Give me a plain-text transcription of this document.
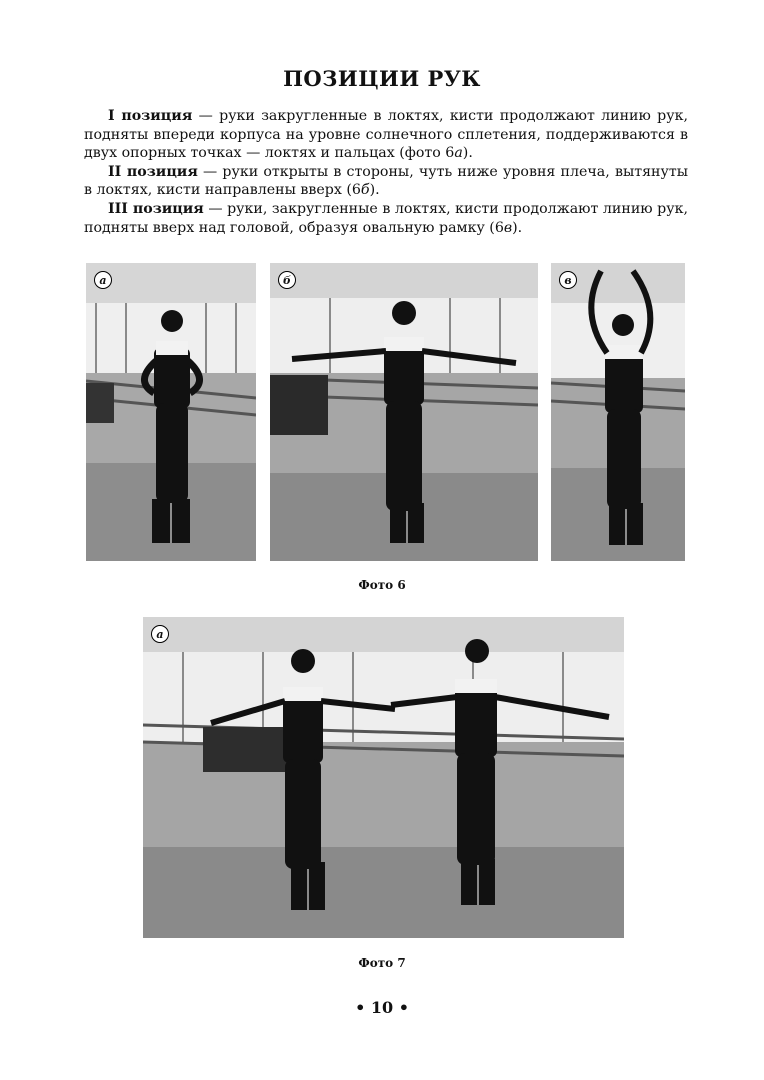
ПОЗИЦИИ РУК

I позиция — руки закругленные в локтях, кисти продолжают линию рук, подняты впереди корпуса на уровне солнечного сплетения, поддерживаются в двух опорных точках — локтях и пальцах (фото 6а).

II позиция — руки открыты в стороны, чуть ниже уровня плеча, вытянуты в локтях, кисти направлены вверх (6б).

III позиция — руки, закругленные в локтях, кисти продолжают линию рук, подняты вверх над головой, образуя овальную рамку (6в).

а	б	в
Фото 6
а
Фото 7
• 10 •
